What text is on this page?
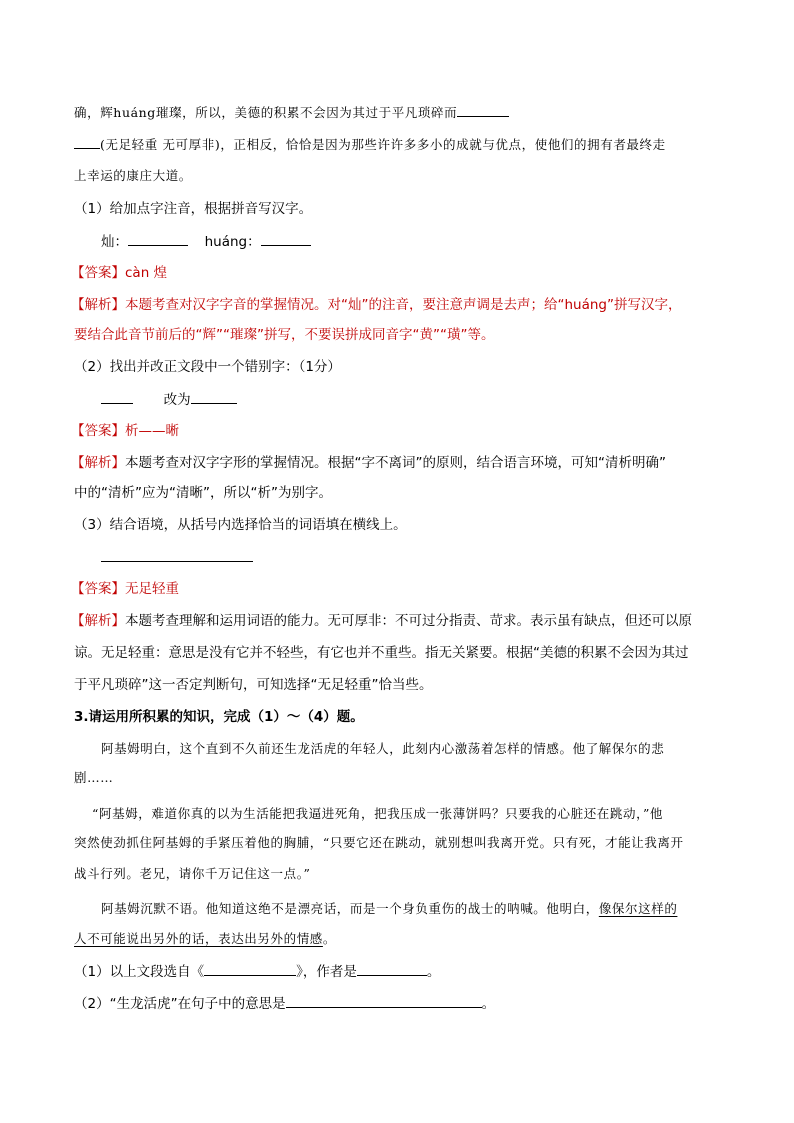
确，辉huáng璀璨，所以，美德的积累不会因为其过于平凡琐碎而
(无足轻重 无可厚非)，正相反，恰恰是因为那些许许多多小的成就与优点，使他们的拥有者最终走
上幸运的康庄大道。
（1）给加点字注音，根据拼音写汉字。
灿：	huáng：
【答案】càn 煌
【解析】本题考查对汉字字音的掌握情况。对“灿”的注音，要注意声调是去声；给“huáng”拼写汉字，
要结合此音节前后的“辉”“璀璨”拼写，不要误拼成同音字“黄”“璜”等。
（2）找出并改正文段中一个错别字：（1分）
改为
【答案】析——晰
【解析】本题考查对汉字字形的掌握情况。根据“字不离词”的原则，结合语言环境，可知“清析明确”
中的“清析”应为“清晰”，所以“析”为别字。
（3）结合语境，从括号内选择恰当的词语填在横线上。
【答案】无足轻重
【解析】本题考查理解和运用词语的能力。无可厚非：不可过分指责、苛求。表示虽有缺点，但还可以原
谅。无足轻重：意思是没有它并不轻些，有它也并不重些。指无关紧要。根据“美德的积累不会因为其过
于平凡琐碎”这一否定判断句，可知选择“无足轻重”恰当些。
3.请运用所积累的知识，完成（1）～（4）题。
阿基姆明白，这个直到不久前还生龙活虎的年轻人，此刻内心激荡着怎样的情感。他了解保尔的悲
剧……
“阿基姆，难道你真的以为生活能把我逼进死角，把我压成一张薄饼吗？只要我的心脏还在跳动，”他
突然使劲抓住阿基姆的手紧压着他的胸脯，“只要它还在跳动，就别想叫我离开党。只有死，才能让我离开
战斗行列。老兄，请你千万记住这一点。”
阿基姆沉默不语。他知道这绝不是漂亮话，而是一个身负重伤的战士的呐喊。他明白，像保尔这样的
人不可能说出另外的话，表达出另外的情感。
（1）以上文段选自《	》，作者是	。
（2）“生龙活虎”在句子中的意思是	。
